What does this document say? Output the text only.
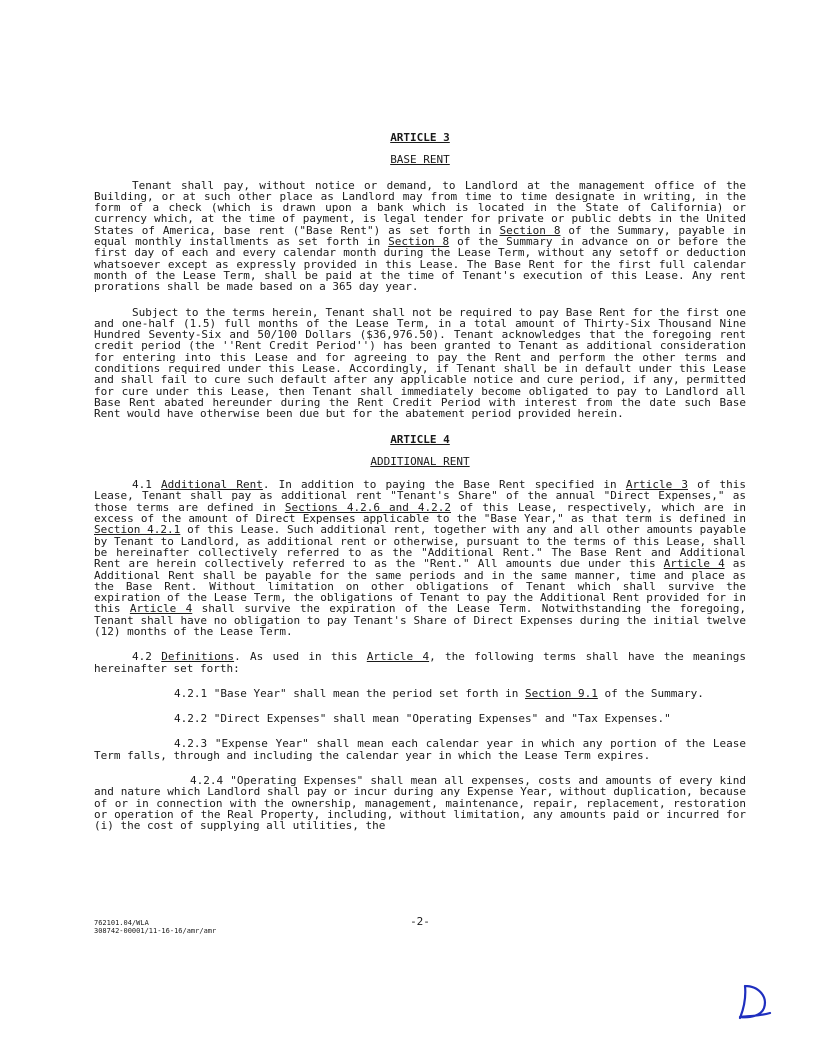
ARTICLE 3

BASE RENT

Tenant shall pay, without notice or demand, to Landlord at the management office of the Building, or at such other place as Landlord may from time to time designate in writing, in the form of a check (which is drawn upon a bank which is located in the State of California) or currency which, at the time of payment, is legal tender for private or public debts in the United States of America, base rent ("Base Rent") as set forth in Section 8 of the Summary, payable in equal monthly installments as set forth in Section 8 of the Summary in advance on or before the first day of each and every calendar month during the Lease Term, without any setoff or deduction whatsoever except as expressly provided in this Lease. The Base Rent for the first full calendar month of the Lease Term, shall be paid at the time of Tenant's execution of this Lease. Any rent prorations shall be made based on a 365 day year.

Subject to the terms herein, Tenant shall not be required to pay Base Rent for the first one and one-half (1.5) full months of the Lease Term, in a total amount of Thirty-Six Thousand Nine Hundred Seventy-Six and 50/100 Dollars ($36,976.50). Tenant acknowledges that the foregoing rent credit period (the ''Rent Credit Period'') has been granted to Tenant as additional consideration for entering into this Lease and for agreeing to pay the Rent and perform the other terms and conditions required under this Lease. Accordingly, if Tenant shall be in default under this Lease and shall fail to cure such default after any applicable notice and cure period, if any, permitted for cure under this Lease, then Tenant shall immediately become obligated to pay to Landlord all Base Rent abated hereunder during the Rent Credit Period with interest from the date such Base Rent would have otherwise been due but for the abatement period provided herein.

ARTICLE 4

ADDITIONAL RENT

4.1 Additional Rent. In addition to paying the Base Rent specified in Article 3 of this Lease, Tenant shall pay as additional rent "Tenant's Share" of the annual "Direct Expenses," as those terms are defined in Sections 4.2.6 and 4.2.2 of this Lease, respectively, which are in excess of the amount of Direct Expenses applicable to the "Base Year," as that term is defined in Section 4.2.1 of this Lease. Such additional rent, together with any and all other amounts payable by Tenant to Landlord, as additional rent or otherwise, pursuant to the terms of this Lease, shall be hereinafter collectively referred to as the "Additional Rent." The Base Rent and Additional Rent are herein collectively referred to as the "Rent." All amounts due under this Article 4 as Additional Rent shall be payable for the same periods and in the same manner, time and place as the Base Rent. Without limitation on other obligations of Tenant which shall survive the expiration of the Lease Term, the obligations of Tenant to pay the Additional Rent provided for in this Article 4 shall survive the expiration of the Lease Term. Notwithstanding the foregoing, Tenant shall have no obligation to pay Tenant's Share of Direct Expenses during the initial twelve (12) months of the Lease Term.

4.2 Definitions. As used in this Article 4, the following terms shall have the meanings hereinafter set forth:

4.2.1 "Base Year" shall mean the period set forth in Section 9.1 of the Summary.

4.2.2 "Direct Expenses" shall mean "Operating Expenses" and "Tax Expenses."

4.2.3 "Expense Year" shall mean each calendar year in which any portion of the Lease Term falls, through and including the calendar year in which the Lease Term expires.

4.2.4 "Operating Expenses" shall mean all expenses, costs and amounts of every kind and nature which Landlord shall pay or incur during any Expense Year, without duplication, because of or in connection with the ownership, management, maintenance, repair, replacement, restoration or operation of the Real Property, including, without limitation, any amounts paid or incurred for (i) the cost of supplying all utilities, the

762101.04/WLA
308742-00001/11-16-16/amr/amr
-2-
